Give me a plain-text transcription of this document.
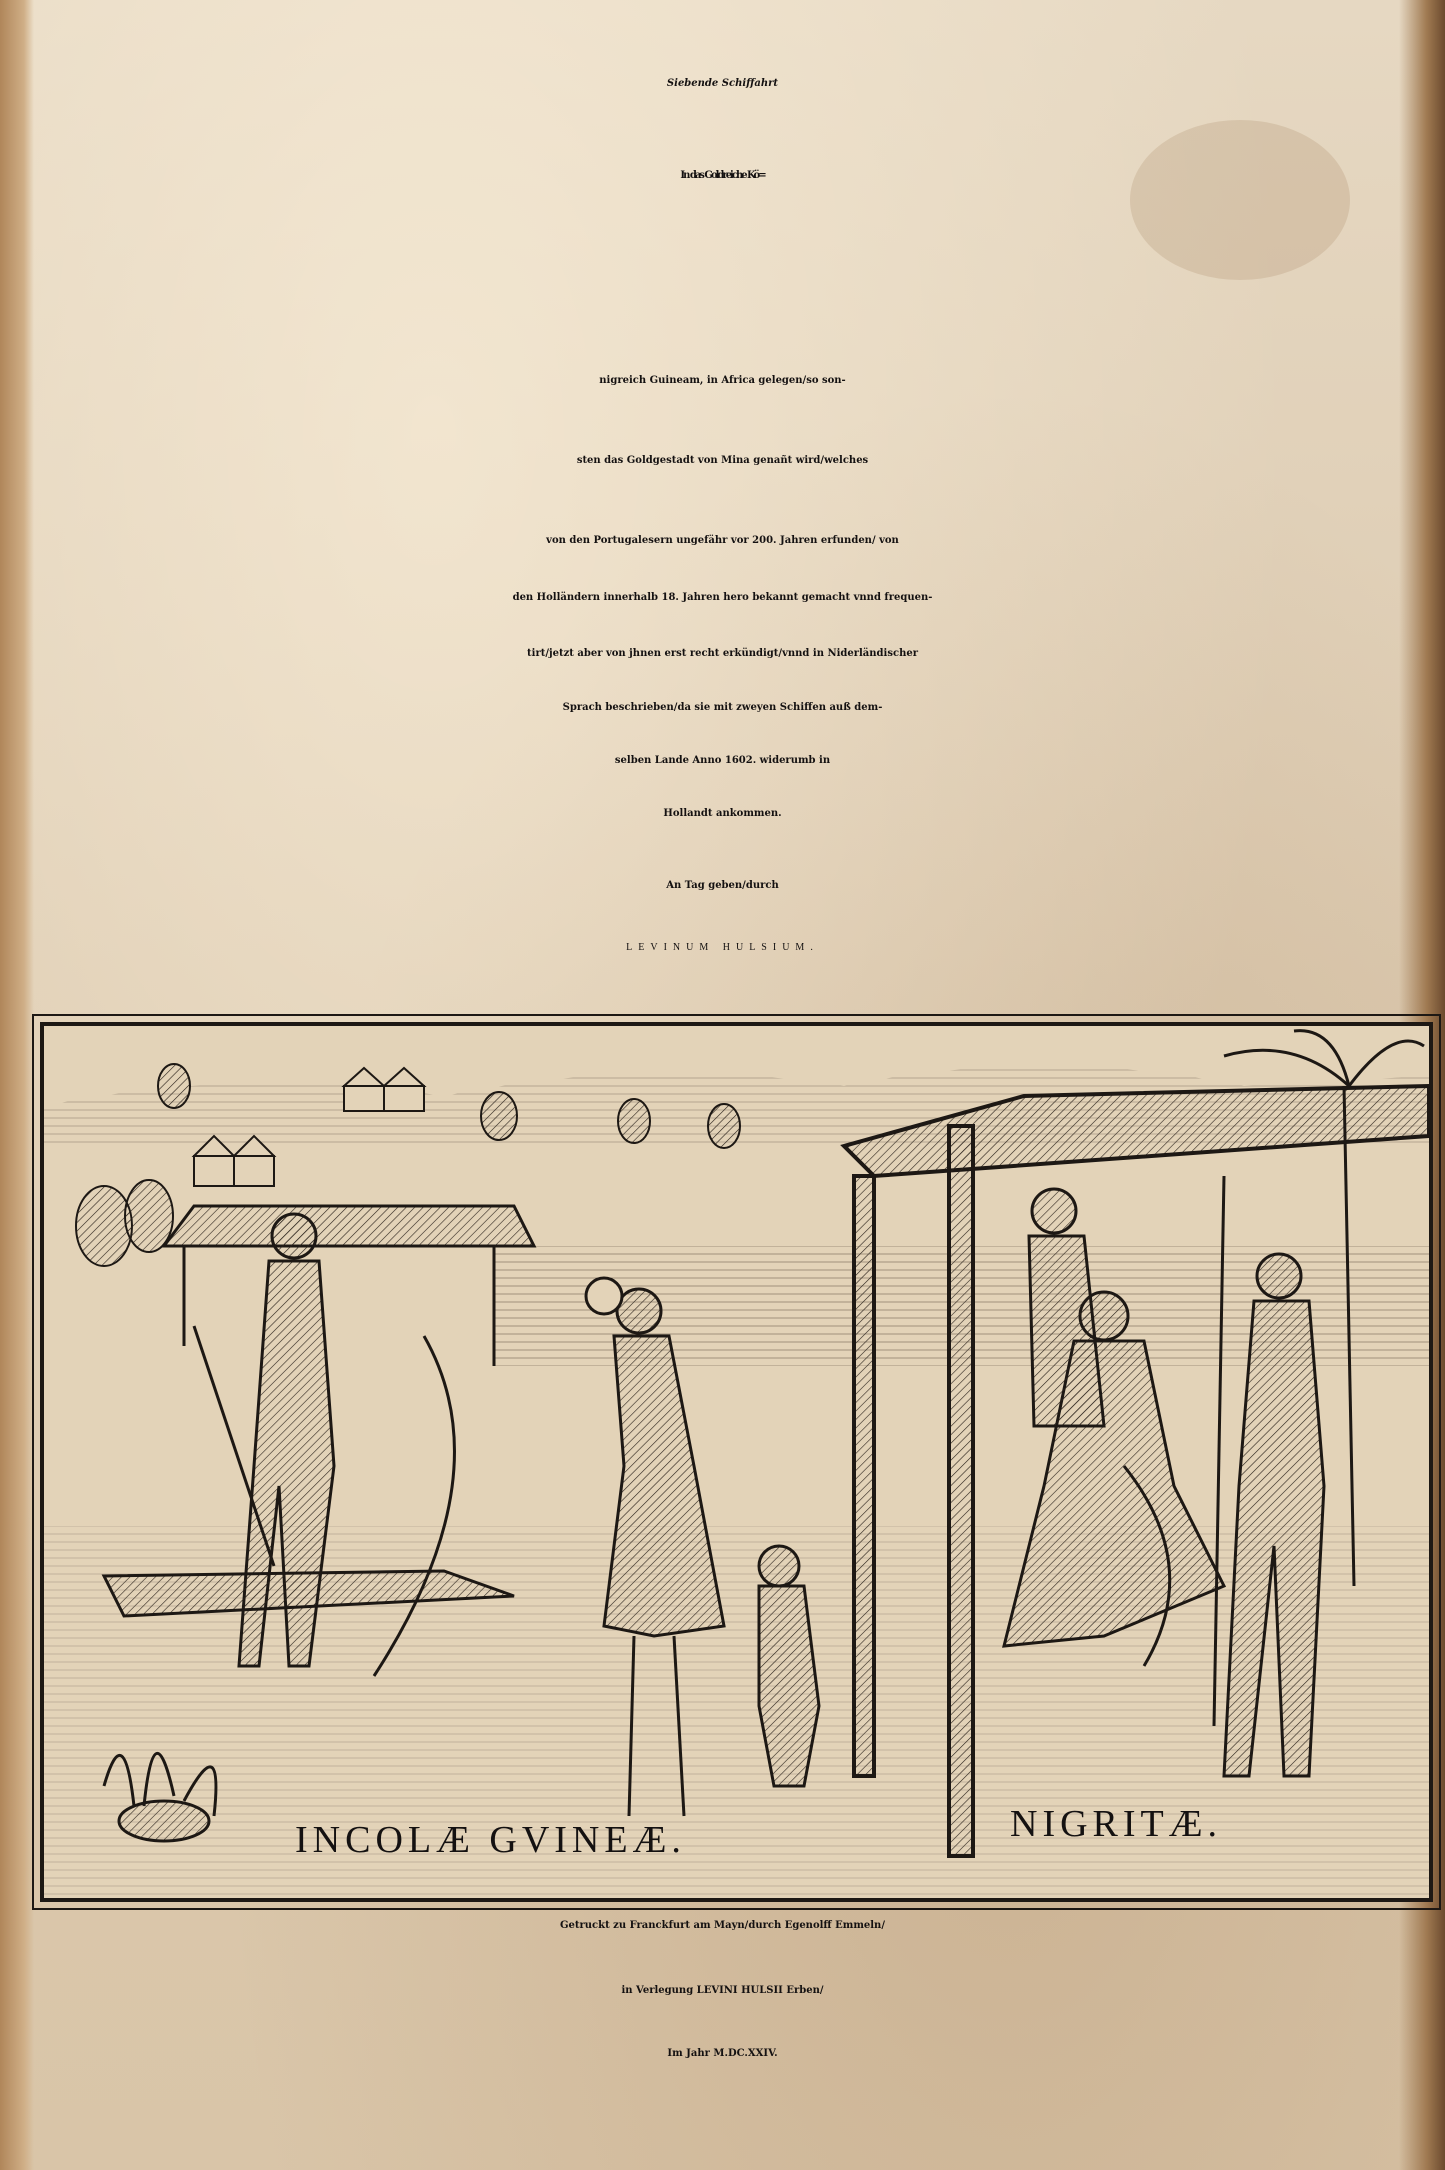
Siebende Schiffahrt
In das Goldreiche Kö=
nigreich Guineam, in Africa gelegen/so son-
sten das Goldgestadt von Mina genañt wird/welches
von den Portugalesern ungefähr vor 200. Jahren erfunden/ von
den Holländern innerhalb 18. Jahren hero bekannt gemacht vnnd frequen-
tirt/jetzt aber von jhnen erst recht erkündigt/vnnd in Niderländischer
Sprach beschrieben/da sie mit zweyen Schiffen auß dem-
selben Lande Anno 1602. widerumb in
Hollandt ankommen.
An Tag geben/durch
LEVINUM HULSIUM.
INCOLÆ GVINEÆ.	NIGRITÆ.
Getruckt zu Franckfurt am Mayn/durch Egenolff Emmeln/
in Verlegung LEVINI HULSII Erben/
Im Jahr M.DC.XXIV.
